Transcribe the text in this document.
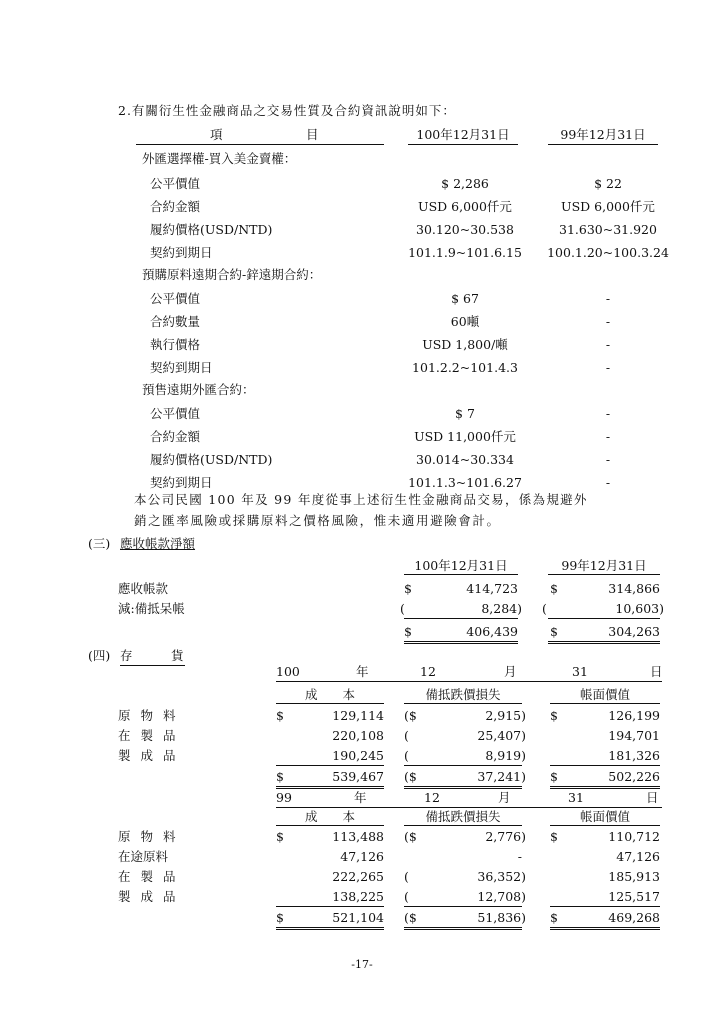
2.有關衍生性金融商品之交易性質及合約資訊說明如下：
項	目	100年12月31日	99年12月31日
外匯選擇權-買入美金賣權：
公平價值	$ 2,286	$ 22
合約金額	USD 6,000仟元	USD 6,000仟元
履約價格(USD/NTD)	30.120~30.538	31.630~31.920
契約到期日	101.1.9~101.6.15	100.1.20~100.3.24
預購原料遠期合約-鋅遠期合約：
公平價值	$ 67	-
合約數量	60噸	-
執行價格	USD 1,800/噸	-
契約到期日	101.2.2~101.4.3	-
預售遠期外匯合約：
公平價值	$ 7	-
合約金額	USD 11,000仟元	-
履約價格(USD/NTD)	30.014~30.334	-
契約到期日	101.1.3~101.6.27	-
本公司民國 100 年及 99 年度從事上述衍生性金融商品交易，係為規避外
銷之匯率風險或採購原料之價格風險，惟未適用避險會計。
(三) 應收帳款淨額
100年12月31日	99年12月31日
應收帳款	$	414,723	$	314,866
減:備抵呆帳	(	8,284) (	10,603)
$	406,439	$	304,263
(四) 存	貨
100	年	12	月	31	日
成　　本	備抵跌價損失	帳面價值
原 物 料	$	129,114 ($	2,915) $	126,199
在 製 品	220,108 (	25,407)	194,701
製 成 品	190,245 (	8,919)	181,326
$	539,467 ($	37,241) $	502,226
99	年	12	月	31	日
成　　本	備抵跌價損失	帳面價值
原 物 料	$	113,488 ($	2,776) $	110,712
在途原料	47,126	-	47,126
在 製 品	222,265 (	36,352)	185,913
製 成 品	138,225 (	12,708)	125,517
$	521,104 ($	51,836) $	469,268
-17-
